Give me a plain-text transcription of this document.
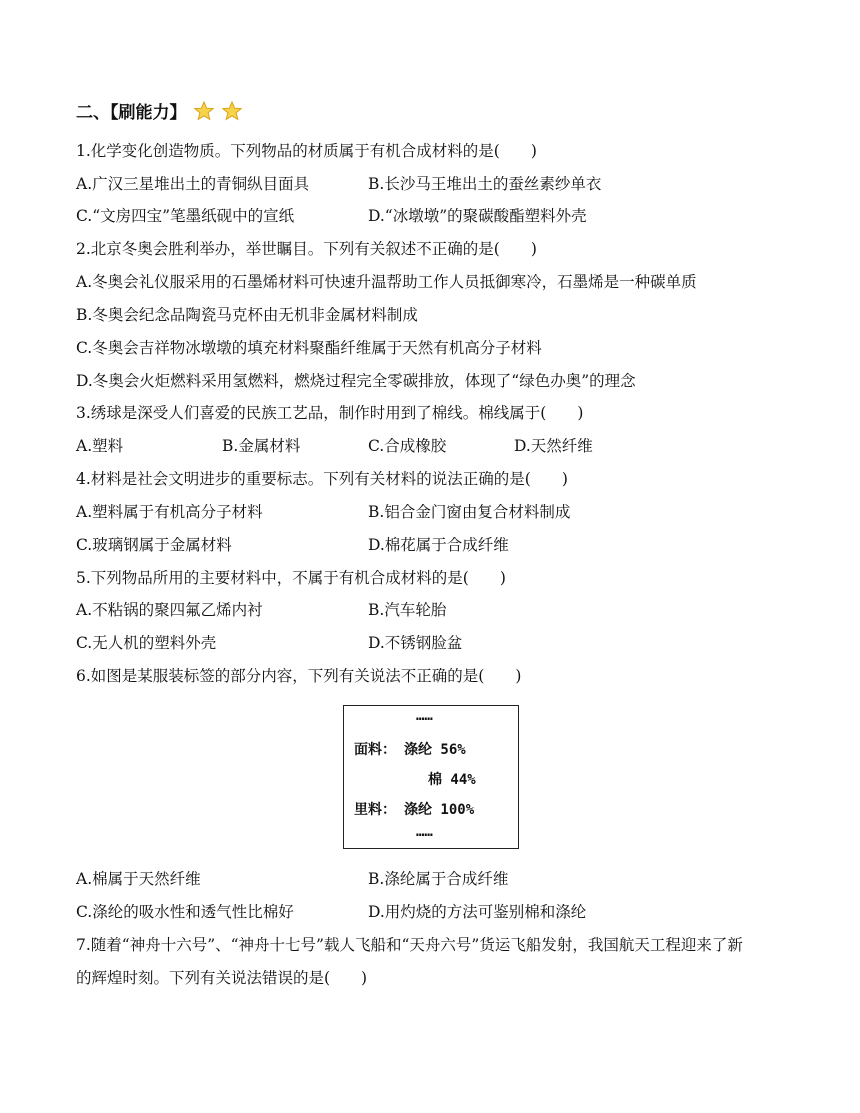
二、【刷能力】
1.化学变化创造物质。下列物品的材质属于有机合成材料的是(　　)
A.广汉三星堆出土的青铜纵目面具	B.长沙马王堆出土的蚕丝素纱单衣
C.“文房四宝”笔墨纸砚中的宣纸	D.“冰墩墩”的聚碳酸酯塑料外壳
2.北京冬奥会胜利举办，举世瞩目。下列有关叙述不正确的是(　　)
A.冬奥会礼仪服采用的石墨烯材料可快速升温帮助工作人员抵御寒冷，石墨烯是一种碳单质
B.冬奥会纪念品陶瓷马克杯由无机非金属材料制成
C.冬奥会吉祥物冰墩墩的填充材料聚酯纤维属于天然有机高分子材料
D.冬奥会火炬燃料采用氢燃料，燃烧过程完全零碳排放，体现了“绿色办奥”的理念
3.绣球是深受人们喜爱的民族工艺品，制作时用到了棉线。棉线属于(　　)
A.塑料	B.金属材料	C.合成橡胶	D.天然纤维
4.材料是社会文明进步的重要标志。下列有关材料的说法正确的是(　　)
A.塑料属于有机高分子材料	B.铝合金门窗由复合材料制成
C.玻璃钢属于金属材料	D.棉花属于合成纤维
5.下列物品所用的主要材料中，不属于有机合成材料的是(　　)
A.不粘锅的聚四氟乙烯内衬	B.汽车轮胎
C.无人机的塑料外壳	D.不锈钢脸盆
6.如图是某服装标签的部分内容，下列有关说法不正确的是(　　)
……
面料： 涤纶 56%
棉 44%
里料： 涤纶 100%
……
A.棉属于天然纤维	B.涤纶属于合成纤维
C.涤纶的吸水性和透气性比棉好	D.用灼烧的方法可鉴别棉和涤纶
7.随着“神舟十六号”、“神舟十七号”载人飞船和“天舟六号”货运飞船发射，我国航天工程迎来了新
的辉煌时刻。下列有关说法错误的是(　　)
